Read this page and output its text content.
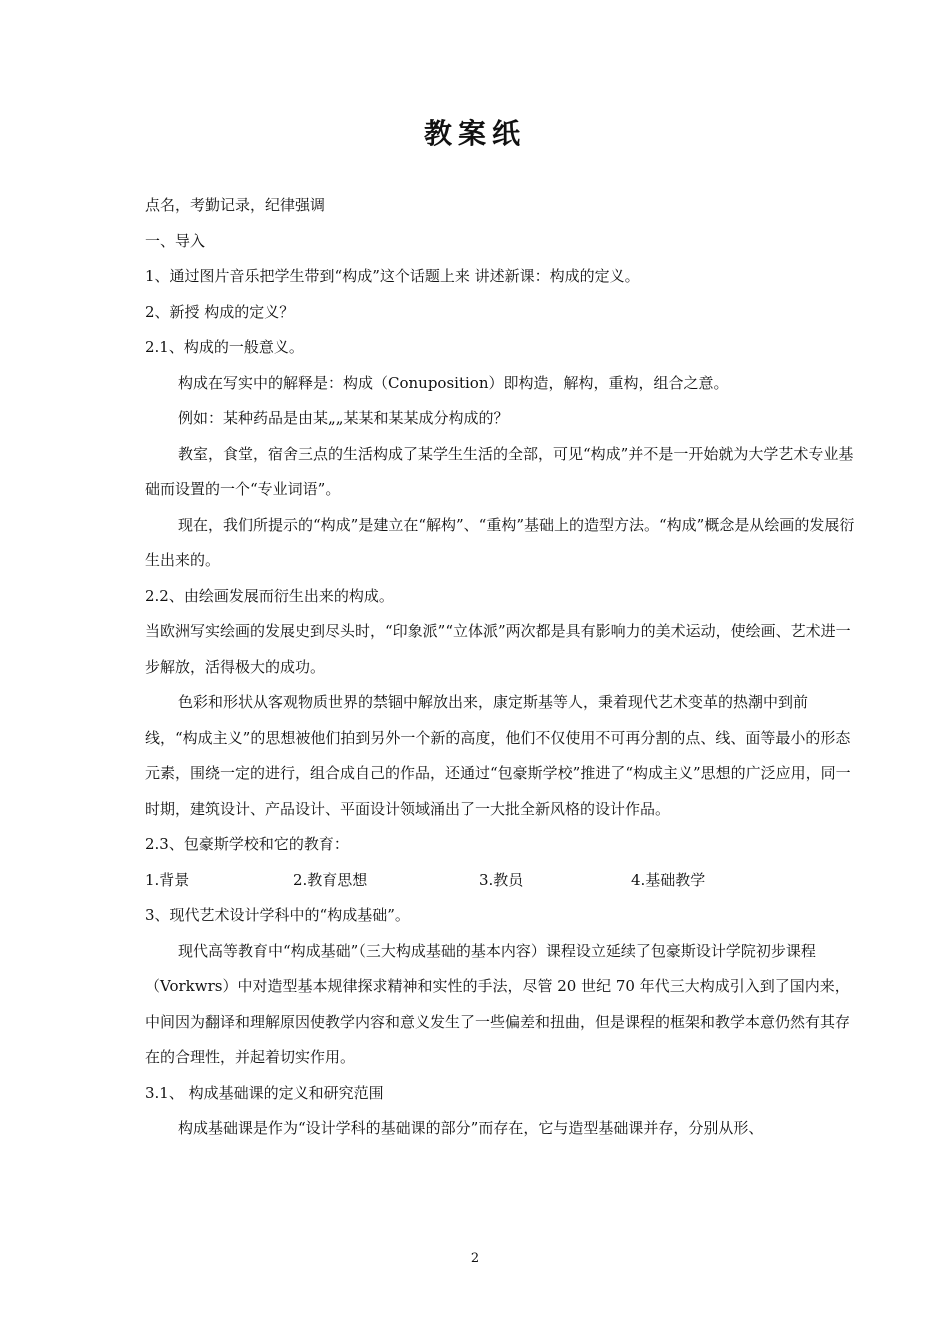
教案纸

点名，考勤记录，纪律强调

一、导入

1、通过图片音乐把学生带到“构成”这个话题上来 讲述新课：构成的定义。

2、新授 构成的定义？

2.1、构成的一般意义。

构成在写实中的解释是：构成（Conuposition）即构造，解构，重构，组合之意。

例如：某种药品是由某„„某某和某某成分构成的？

教室，食堂，宿舍三点的生活构成了某学生生活的全部，可见“构成”并不是一开始就为大学艺术专业基础而设置的一个“专业词语”。

现在，我们所提示的“构成”是建立在“解构”、“重构”基础上的造型方法。“构成”概念是从绘画的发展衍生出来的。

2.2、由绘画发展而衍生出来的构成。

当欧洲写实绘画的发展史到尽头时，“印象派”“立体派”两次都是具有影响力的美术运动，使绘画、艺术进一步解放，活得极大的成功。

色彩和形状从客观物质世界的禁锢中解放出来，康定斯基等人，秉着现代艺术变革的热潮中到前线，“构成主义”的思想被他们拍到另外一个新的高度，他们不仅使用不可再分割的点、线、面等最小的形态元素，围绕一定的进行，组合成自己的作品，还通过“包豪斯学校”推进了“构成主义”思想的广泛应用，同一时期，建筑设计、产品设计、平面设计领域涌出了一大批全新风格的设计作品。

2.3、包豪斯学校和它的教育：

1.背景	2.教育思想	3.教员	4.基础教学

3、现代艺术设计学科中的“构成基础”。

现代高等教育中“构成基础”（三大构成基础的基本内容）课程设立延续了包豪斯设计学院初步课程（Vorkwrs）中对造型基本规律探求精神和实性的手法，尽管 20 世纪 70 年代三大构成引入到了国内来，中间因为翻译和理解原因使教学内容和意义发生了一些偏差和扭曲，但是课程的框架和教学本意仍然有其存在的合理性，并起着切实作用。

3.1、 构成基础课的定义和研究范围

构成基础课是作为“设计学科的基础课的部分”而存在，它与造型基础课并存，分别从形、

2
